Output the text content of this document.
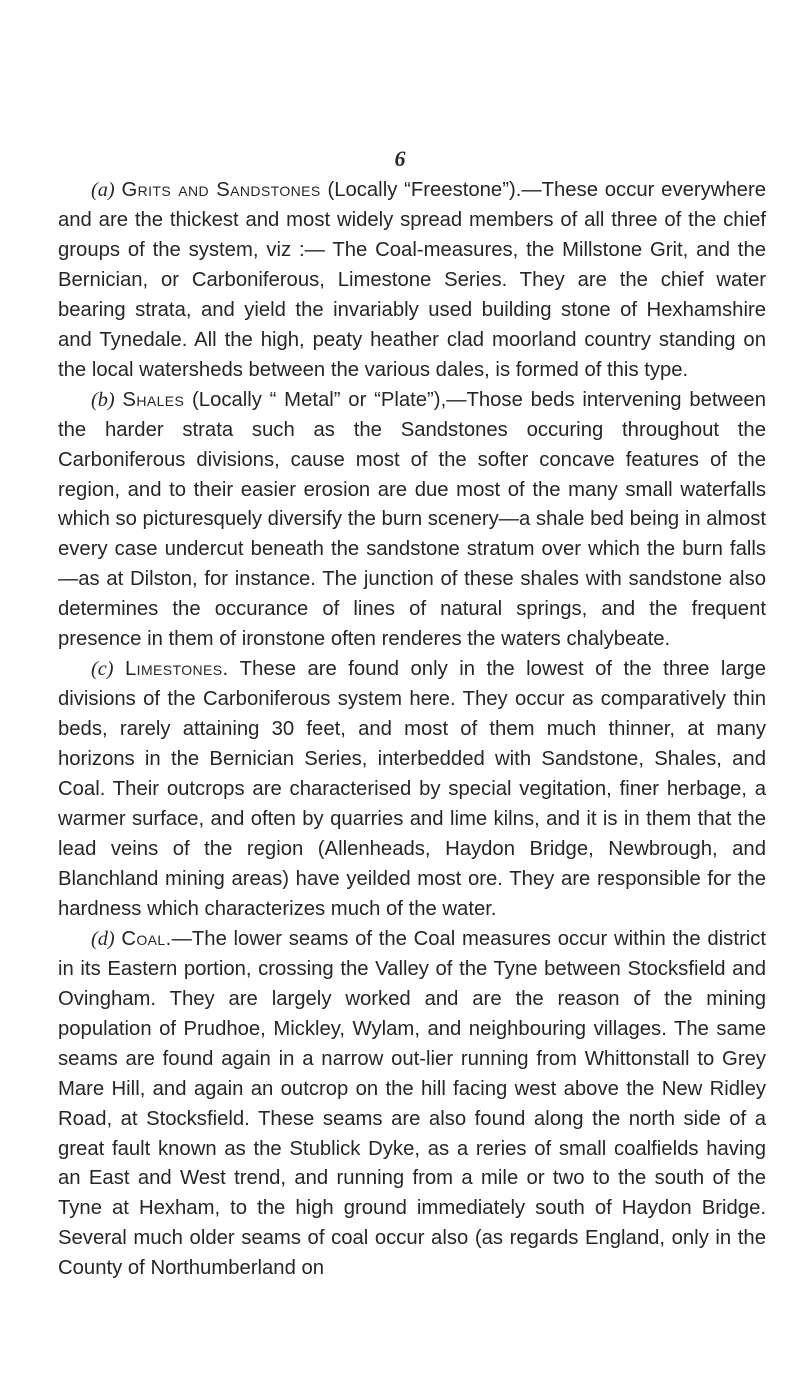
6

(a) Grits and Sandstones (Locally “Freestone”).—These occur everywhere and are the thickest and most widely spread members of all three of the chief groups of the system, viz :— The Coal-measures, the Millstone Grit, and the Bernician, or Carboniferous, Limestone Series. They are the chief water bearing strata, and yield the invariably used building stone of Hexhamshire and Tynedale. All the high, peaty heather clad moorland country standing on the local watersheds between the various dales, is formed of this type.

(b) Shales (Locally “ Metal” or “Plate”),—Those beds intervening between the harder strata such as the Sandstones occuring throughout the Carboniferous divisions, cause most of the softer concave features of the region, and to their easier erosion are due most of the many small waterfalls which so picturesquely diversify the burn scenery—a shale bed being in almost every case undercut beneath the sandstone stratum over which the burn falls—as at Dilston, for instance. The junction of these shales with sandstone also determines the occurance of lines of natural springs, and the frequent presence in them of ironstone often renderes the waters chalybeate.

(c) Limestones. These are found only in the lowest of the three large divisions of the Carboniferous system here. They occur as comparatively thin beds, rarely attaining 30 feet, and most of them much thinner, at many horizons in the Bernician Series, interbedded with Sandstone, Shales, and Coal. Their outcrops are characterised by special vegitation, finer herbage, a warmer surface, and often by quarries and lime kilns, and it is in them that the lead veins of the region (Allenheads, Haydon Bridge, Newbrough, and Blanchland mining areas) have yeilded most ore. They are responsible for the hardness which characterizes much of the water.

(d) Coal.—The lower seams of the Coal measures occur within the district in its Eastern portion, crossing the Valley of the Tyne between Stocksfield and Ovingham. They are largely worked and are the reason of the mining population of Prudhoe, Mickley, Wylam, and neighbouring villages. The same seams are found again in a narrow out-lier running from Whittonstall to Grey Mare Hill, and again an outcrop on the hill facing west above the New Ridley Road, at Stocksfield. These seams are also found along the north side of a great fault known as the Stublick Dyke, as a reries of small coalfields having an East and West trend, and running from a mile or two to the south of the Tyne at Hexham, to the high ground immediately south of Haydon Bridge. Several much older seams of coal occur also (as regards England, only in the County of Northumberland on
